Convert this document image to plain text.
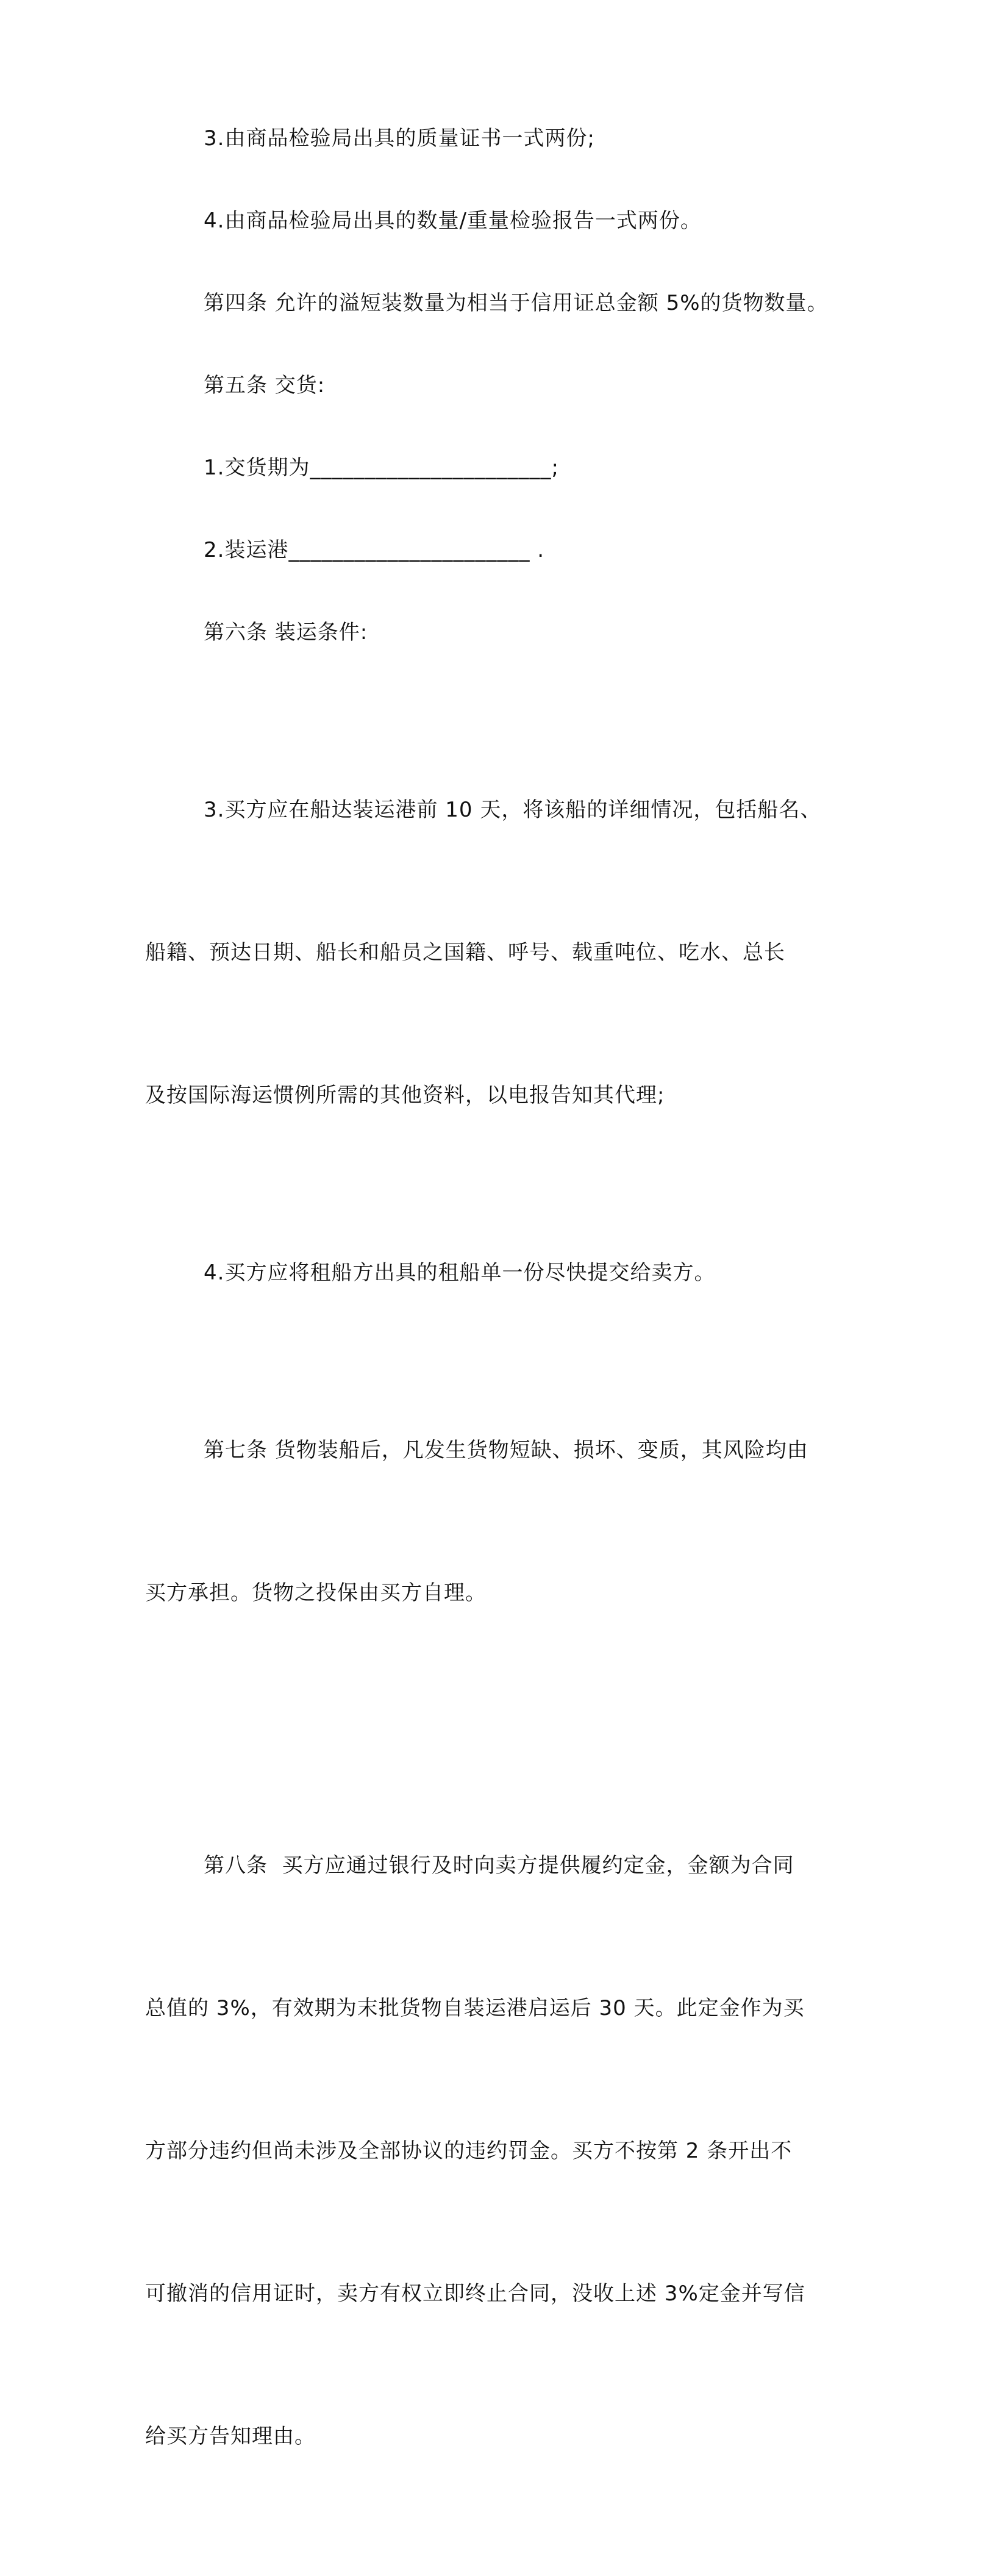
3.由商品检验局出具的质量证书一式两份;

4.由商品检验局出具的数量/重量检验报告一式两份。

第四条 允许的溢短装数量为相当于信用证总金额 5%的货物数量。

第五条 交货:

1.交货期为______________________;

2.装运港______________________ .

第六条 装运条件:

3.买方应在船达装运港前 10 天，将该船的详细情况，包括船名、

船籍、预达日期、船长和船员之国籍、呼号、载重吨位、吃水、总长

及按国际海运惯例所需的其他资料，以电报告知其代理;

4.买方应将租船方出具的租船单一份尽快提交给卖方。

第七条 货物装船后，凡发生货物短缺、损坏、变质，其风险均由

买方承担。货物之投保由买方自理。

第八条  买方应通过银行及时向卖方提供履约定金，金额为合同

总值的 3%，有效期为末批货物自装运港启运后 30 天。此定金作为买

方部分违约但尚未涉及全部协议的违约罚金。买方不按第 2 条开出不

可撤消的信用证时，卖方有权立即终止合同，没收上述 3%定金并写信

给买方告知理由。
